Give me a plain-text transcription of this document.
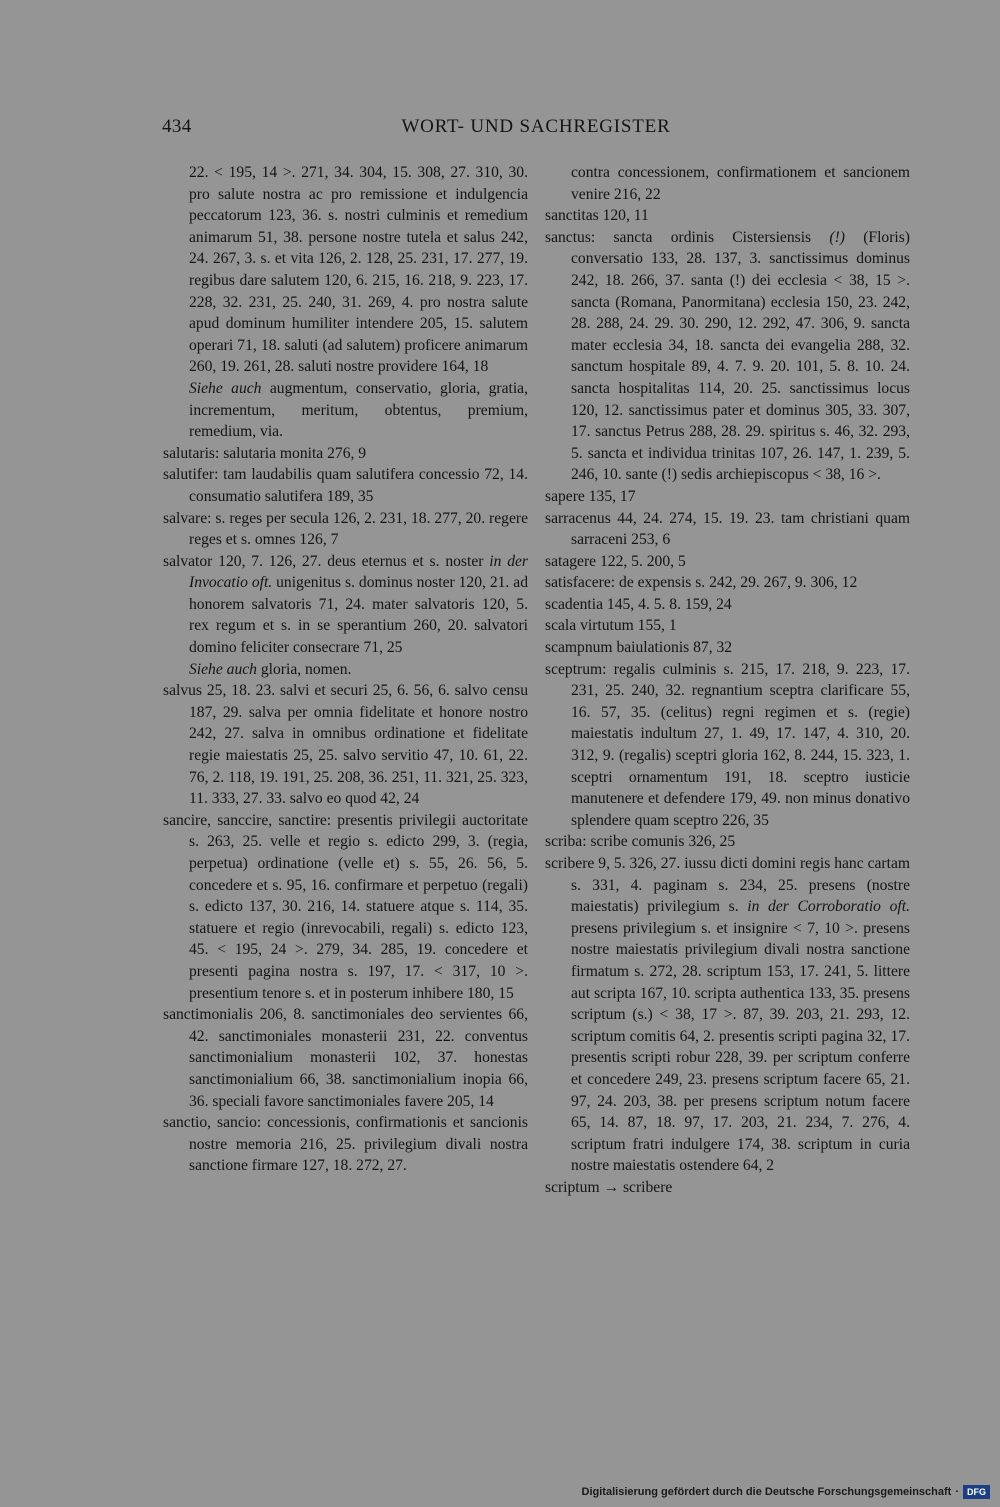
434	WORT- UND SACHREGISTER

22. < 195, 14 >. 271, 34. 304, 15. 308, 27. 310, 30. pro salute nostra ac pro remissione et indulgencia peccatorum 123, 36. s. nostri culminis et remedium animarum 51, 38. persone nostre tutela et salus 242, 24. 267, 3. s. et vita 126, 2. 128, 25. 231, 17. 277, 19. regibus dare salutem 120, 6. 215, 16. 218, 9. 223, 17. 228, 32. 231, 25. 240, 31. 269, 4. pro nostra salute apud dominum humiliter intendere 205, 15. salutem operari 71, 18. saluti (ad salutem) proficere animarum 260, 19. 261, 28. saluti nostre providere 164, 18

Siehe auch augmentum, conservatio, gloria, gratia, incrementum, meritum, obtentus, premium, remedium, via.

salutaris: salutaria monita 276, 9

salutifer: tam laudabilis quam salutifera concessio 72, 14. consumatio salutifera 189, 35

salvare: s. reges per secula 126, 2. 231, 18. 277, 20. regere reges et s. omnes 126, 7

salvator 120, 7. 126, 27. deus eternus et s. noster in der Invocatio oft. unigenitus s. dominus noster 120, 21. ad honorem salvatoris 71, 24. mater salvatoris 120, 5. rex regum et s. in se sperantium 260, 20. salvatori domino feliciter consecrare 71, 25

Siehe auch gloria, nomen.

salvus 25, 18. 23. salvi et securi 25, 6. 56, 6. salvo censu 187, 29. salva per omnia fidelitate et honore nostro 242, 27. salva in omnibus ordinatione et fidelitate regie maiestatis 25, 25. salvo servitio 47, 10. 61, 22. 76, 2. 118, 19. 191, 25. 208, 36. 251, 11. 321, 25. 323, 11. 333, 27. 33. salvo eo quod 42, 24

sancire, sanccire, sanctire: presentis privilegii auctoritate s. 263, 25. velle et regio s. edicto 299, 3. (regia, perpetua) ordinatione (velle et) s. 55, 26. 56, 5. concedere et s. 95, 16. confirmare et perpetuo (regali) s. edicto 137, 30. 216, 14. statuere atque s. 114, 35. statuere et regio (inrevocabili, regali) s. edicto 123, 45. < 195, 24 >. 279, 34. 285, 19. concedere et presenti pagina nostra s. 197, 17. < 317, 10 >. presentium tenore s. et in posterum inhibere 180, 15

sanctimonialis 206, 8. sanctimoniales deo servientes 66, 42. sanctimoniales monasterii 231, 22. conventus sanctimonialium monasterii 102, 37. honestas sanctimonialium 66, 38. sanctimonialium inopia 66, 36. speciali favore sanctimoniales favere 205, 14

sanctio, sancio: concessionis, confirmationis et sancionis nostre memoria 216, 25. privilegium divali nostra sanctione firmare 127, 18. 272, 27.

contra concessionem, confirmationem et sancionem venire 216, 22

sanctitas 120, 11

sanctus: sancta ordinis Cistersiensis (!) (Floris) conversatio 133, 28. 137, 3. sanctissimus dominus 242, 18. 266, 37. santa (!) dei ecclesia < 38, 15 >. sancta (Romana, Panormitana) ecclesia 150, 23. 242, 28. 288, 24. 29. 30. 290, 12. 292, 47. 306, 9. sancta mater ecclesia 34, 18. sancta dei evangelia 288, 32. sanctum hospitale 89, 4. 7. 9. 20. 101, 5. 8. 10. 24. sancta hospitalitas 114, 20. 25. sanctissimus locus 120, 12. sanctissimus pater et dominus 305, 33. 307, 17. sanctus Petrus 288, 28. 29. spiritus s. 46, 32. 293, 5. sancta et individua trinitas 107, 26. 147, 1. 239, 5. 246, 10. sante (!) sedis archiepiscopus < 38, 16 >.

sapere 135, 17

sarracenus 44, 24. 274, 15. 19. 23. tam christiani quam sarraceni 253, 6

satagere 122, 5. 200, 5

satisfacere: de expensis s. 242, 29. 267, 9. 306, 12

scadentia 145, 4. 5. 8. 159, 24

scala virtutum 155, 1

scampnum baiulationis 87, 32

sceptrum: regalis culminis s. 215, 17. 218, 9. 223, 17. 231, 25. 240, 32. regnantium sceptra clarificare 55, 16. 57, 35. (celitus) regni regimen et s. (regie) maiestatis indultum 27, 1. 49, 17. 147, 4. 310, 20. 312, 9. (regalis) sceptri gloria 162, 8. 244, 15. 323, 1. sceptri ornamentum 191, 18. sceptro iusticie manutenere et defendere 179, 49. non minus donativo splendere quam sceptro 226, 35

scriba: scribe comunis 326, 25

scribere 9, 5. 326, 27. iussu dicti domini regis hanc cartam s. 331, 4. paginam s. 234, 25. presens (nostre maiestatis) privilegium s. in der Corroboratio oft. presens privilegium s. et insignire < 7, 10 >. presens nostre maiestatis privilegium divali nostra sanctione firmatum s. 272, 28. scriptum 153, 17. 241, 5. littere aut scripta 167, 10. scripta authentica 133, 35. presens scriptum (s.) < 38, 17 >. 87, 39. 203, 21. 293, 12. scriptum comitis 64, 2. presentis scripti pagina 32, 17. presentis scripti robur 228, 39. per scriptum conferre et concedere 249, 23. presens scriptum facere 65, 21. 97, 24. 203, 38. per presens scriptum notum facere 65, 14. 87, 18. 97, 17. 203, 21. 234, 7. 276, 4. scriptum fratri indulgere 174, 38. scriptum in curia nostre maiestatis ostendere 64, 2

scriptum → scribere

Digitalisierung gefördert durch die Deutsche Forschungsgemeinschaft · DFG
